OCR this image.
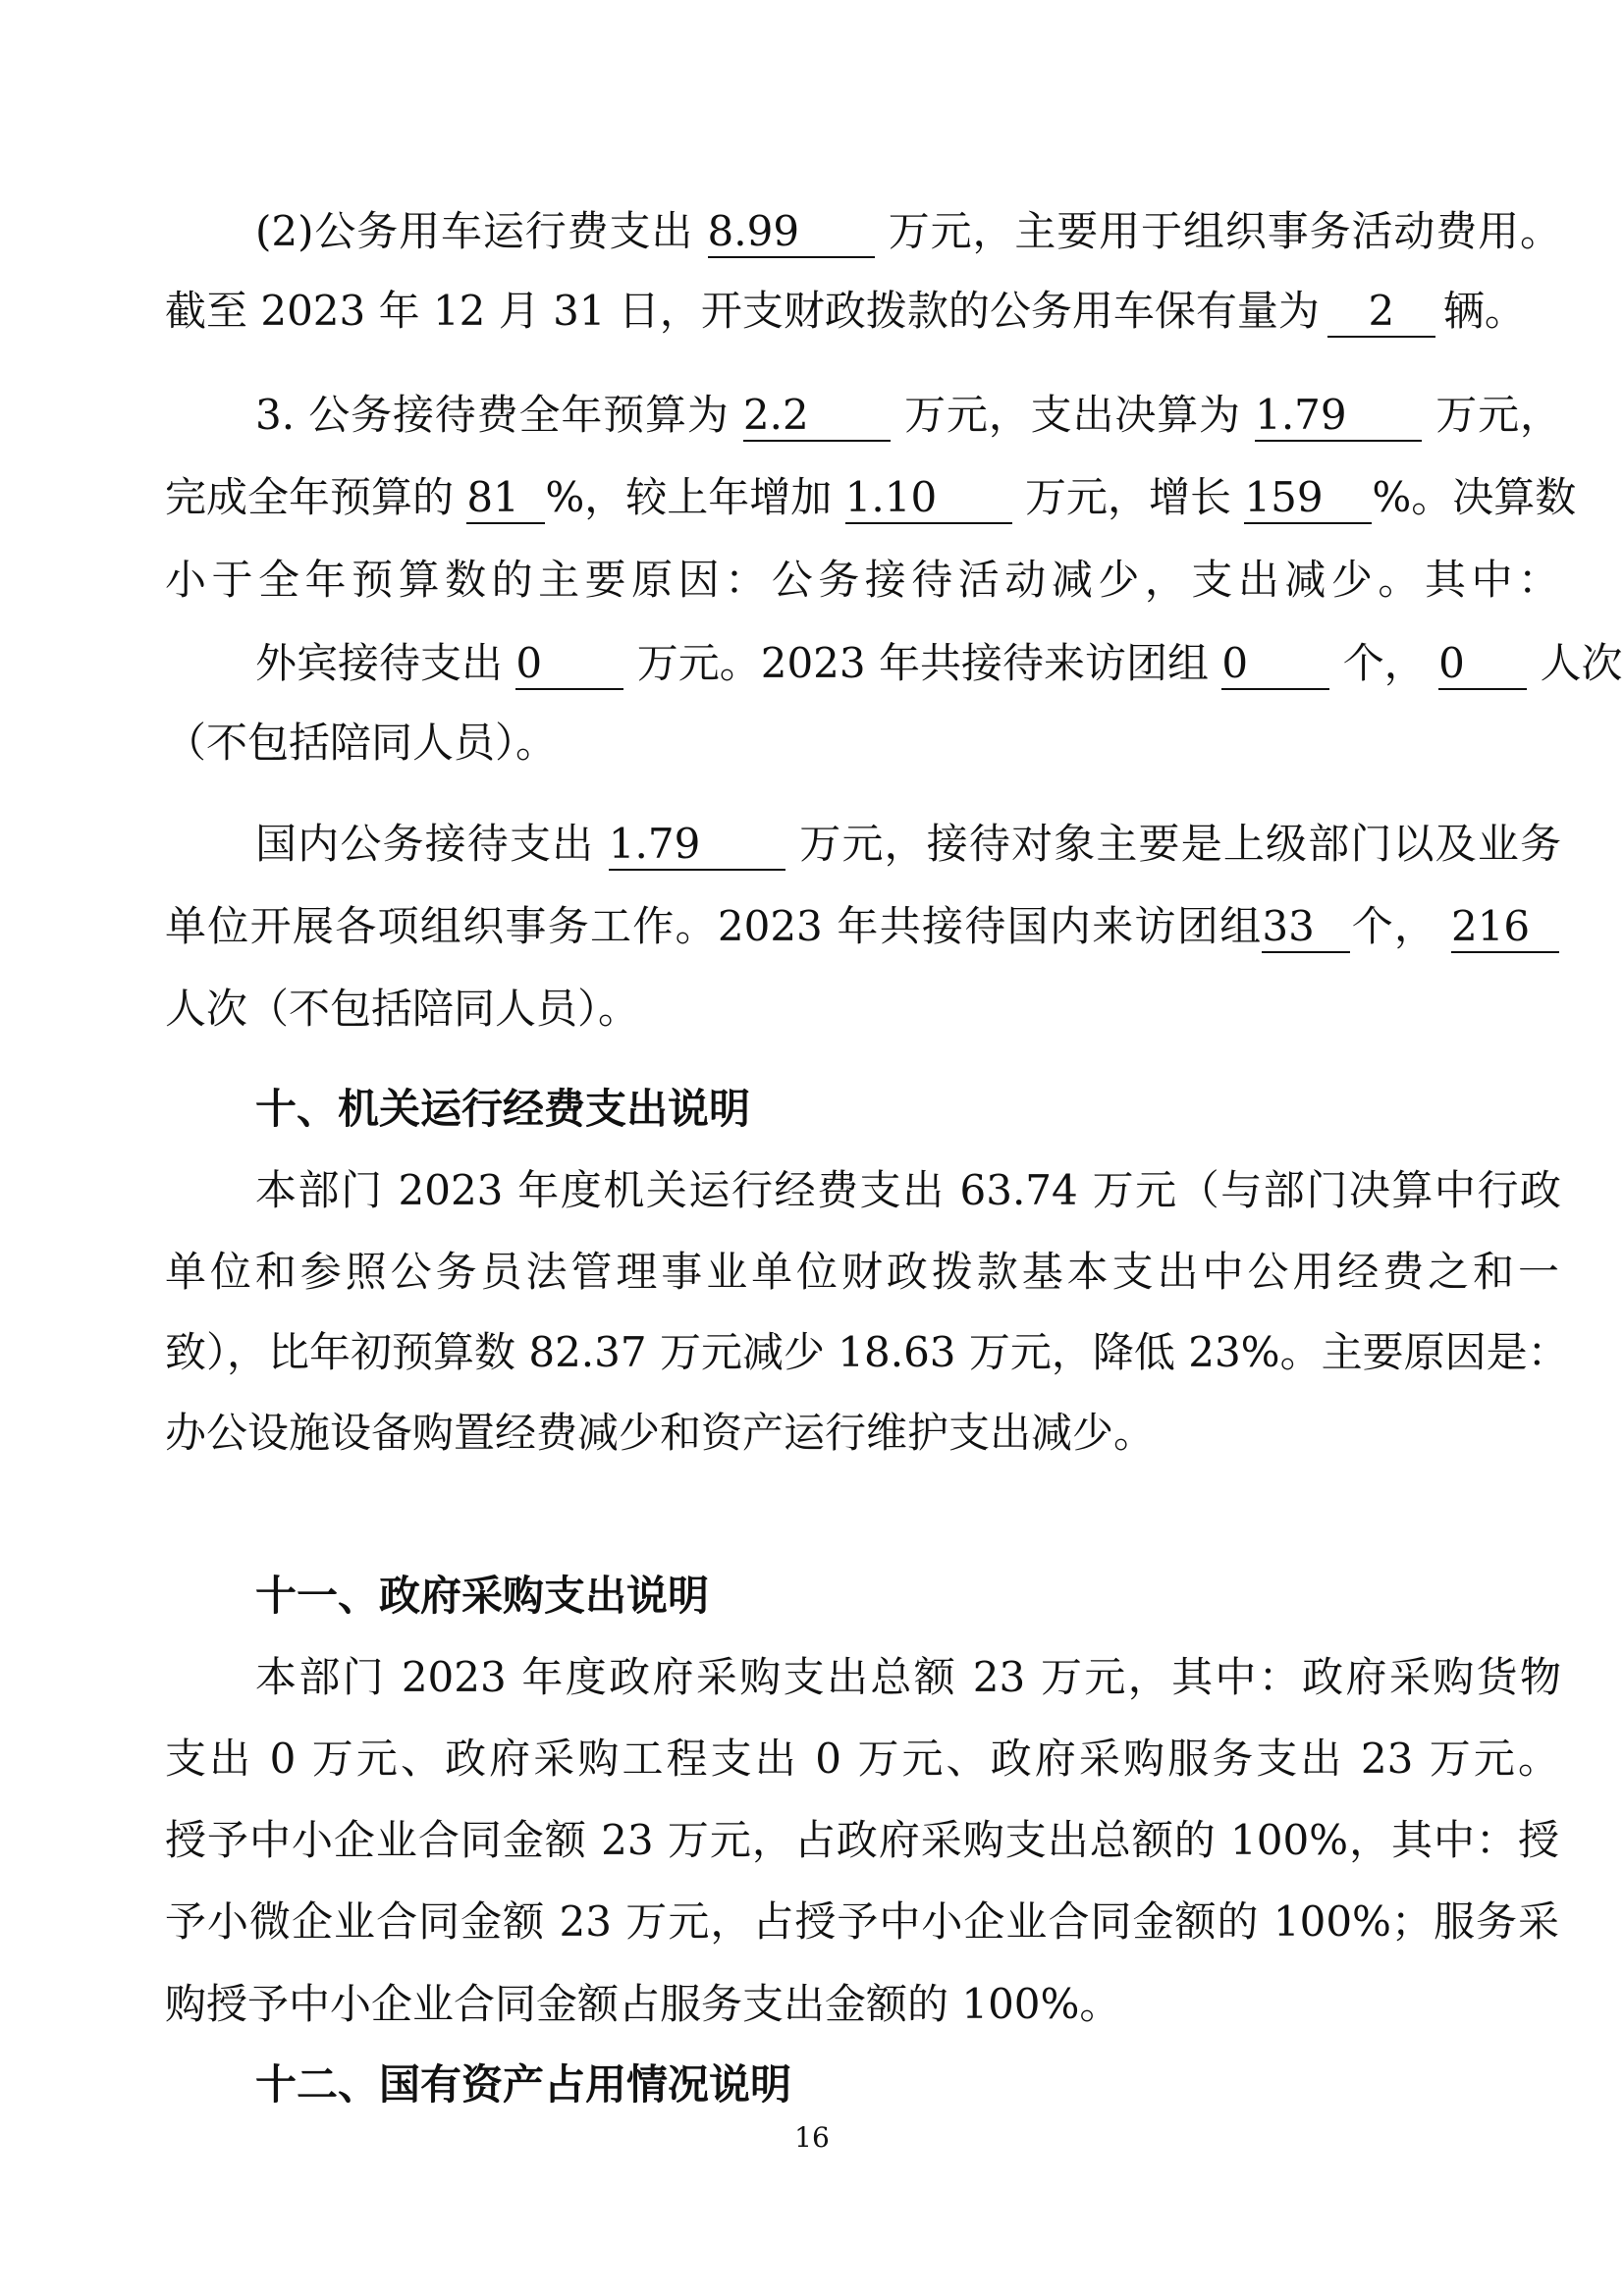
(2)公务用车运行费支出 8.99 万元，主要用于组织事务活动费用。
截至 2023 年 12 月 31 日，开支财政拨款的公务用车保有量为 2 辆。
3. 公务接待费全年预算为 2.2 万元，支出决算为 1.79 万元，
完成全年预算的 81 %，较上年增加 1.10 万元，增长 159 %。决算数
小于全年预算数的主要原因：公务接待活动减少，支出减少。其中：
外宾接待支出 0 万元。2023 年共接待来访团组 0 个， 0 人次
（不包括陪同人员）。
国内公务接待支出 1.79 万元，接待对象主要是上级部门以及业务
单位开展各项组织事务工作。2023 年共接待国内来访团组33 个， 216
人次（不包括陪同人员）。
十、机关运行经费支出说明
本部门 2023 年度机关运行经费支出 63.74 万元（与部门决算中行政
单位和参照公务员法管理事业单位财政拨款基本支出中公用经费之和一
致），比年初预算数 82.37 万元减少 18.63 万元，降低 23%。主要原因是：
办公设施设备购置经费减少和资产运行维护支出减少。
十一、政府采购支出说明
本部门 2023 年度政府采购支出总额 23 万元，其中：政府采购货物
支出 0 万元、政府采购工程支出 0 万元、政府采购服务支出 23 万元。
授予中小企业合同金额 23 万元，占政府采购支出总额的 100%，其中：授
予小微企业合同金额 23 万元，占授予中小企业合同金额的 100%；服务采
购授予中小企业合同金额占服务支出金额的 100%。
十二、国有资产占用情况说明
16
